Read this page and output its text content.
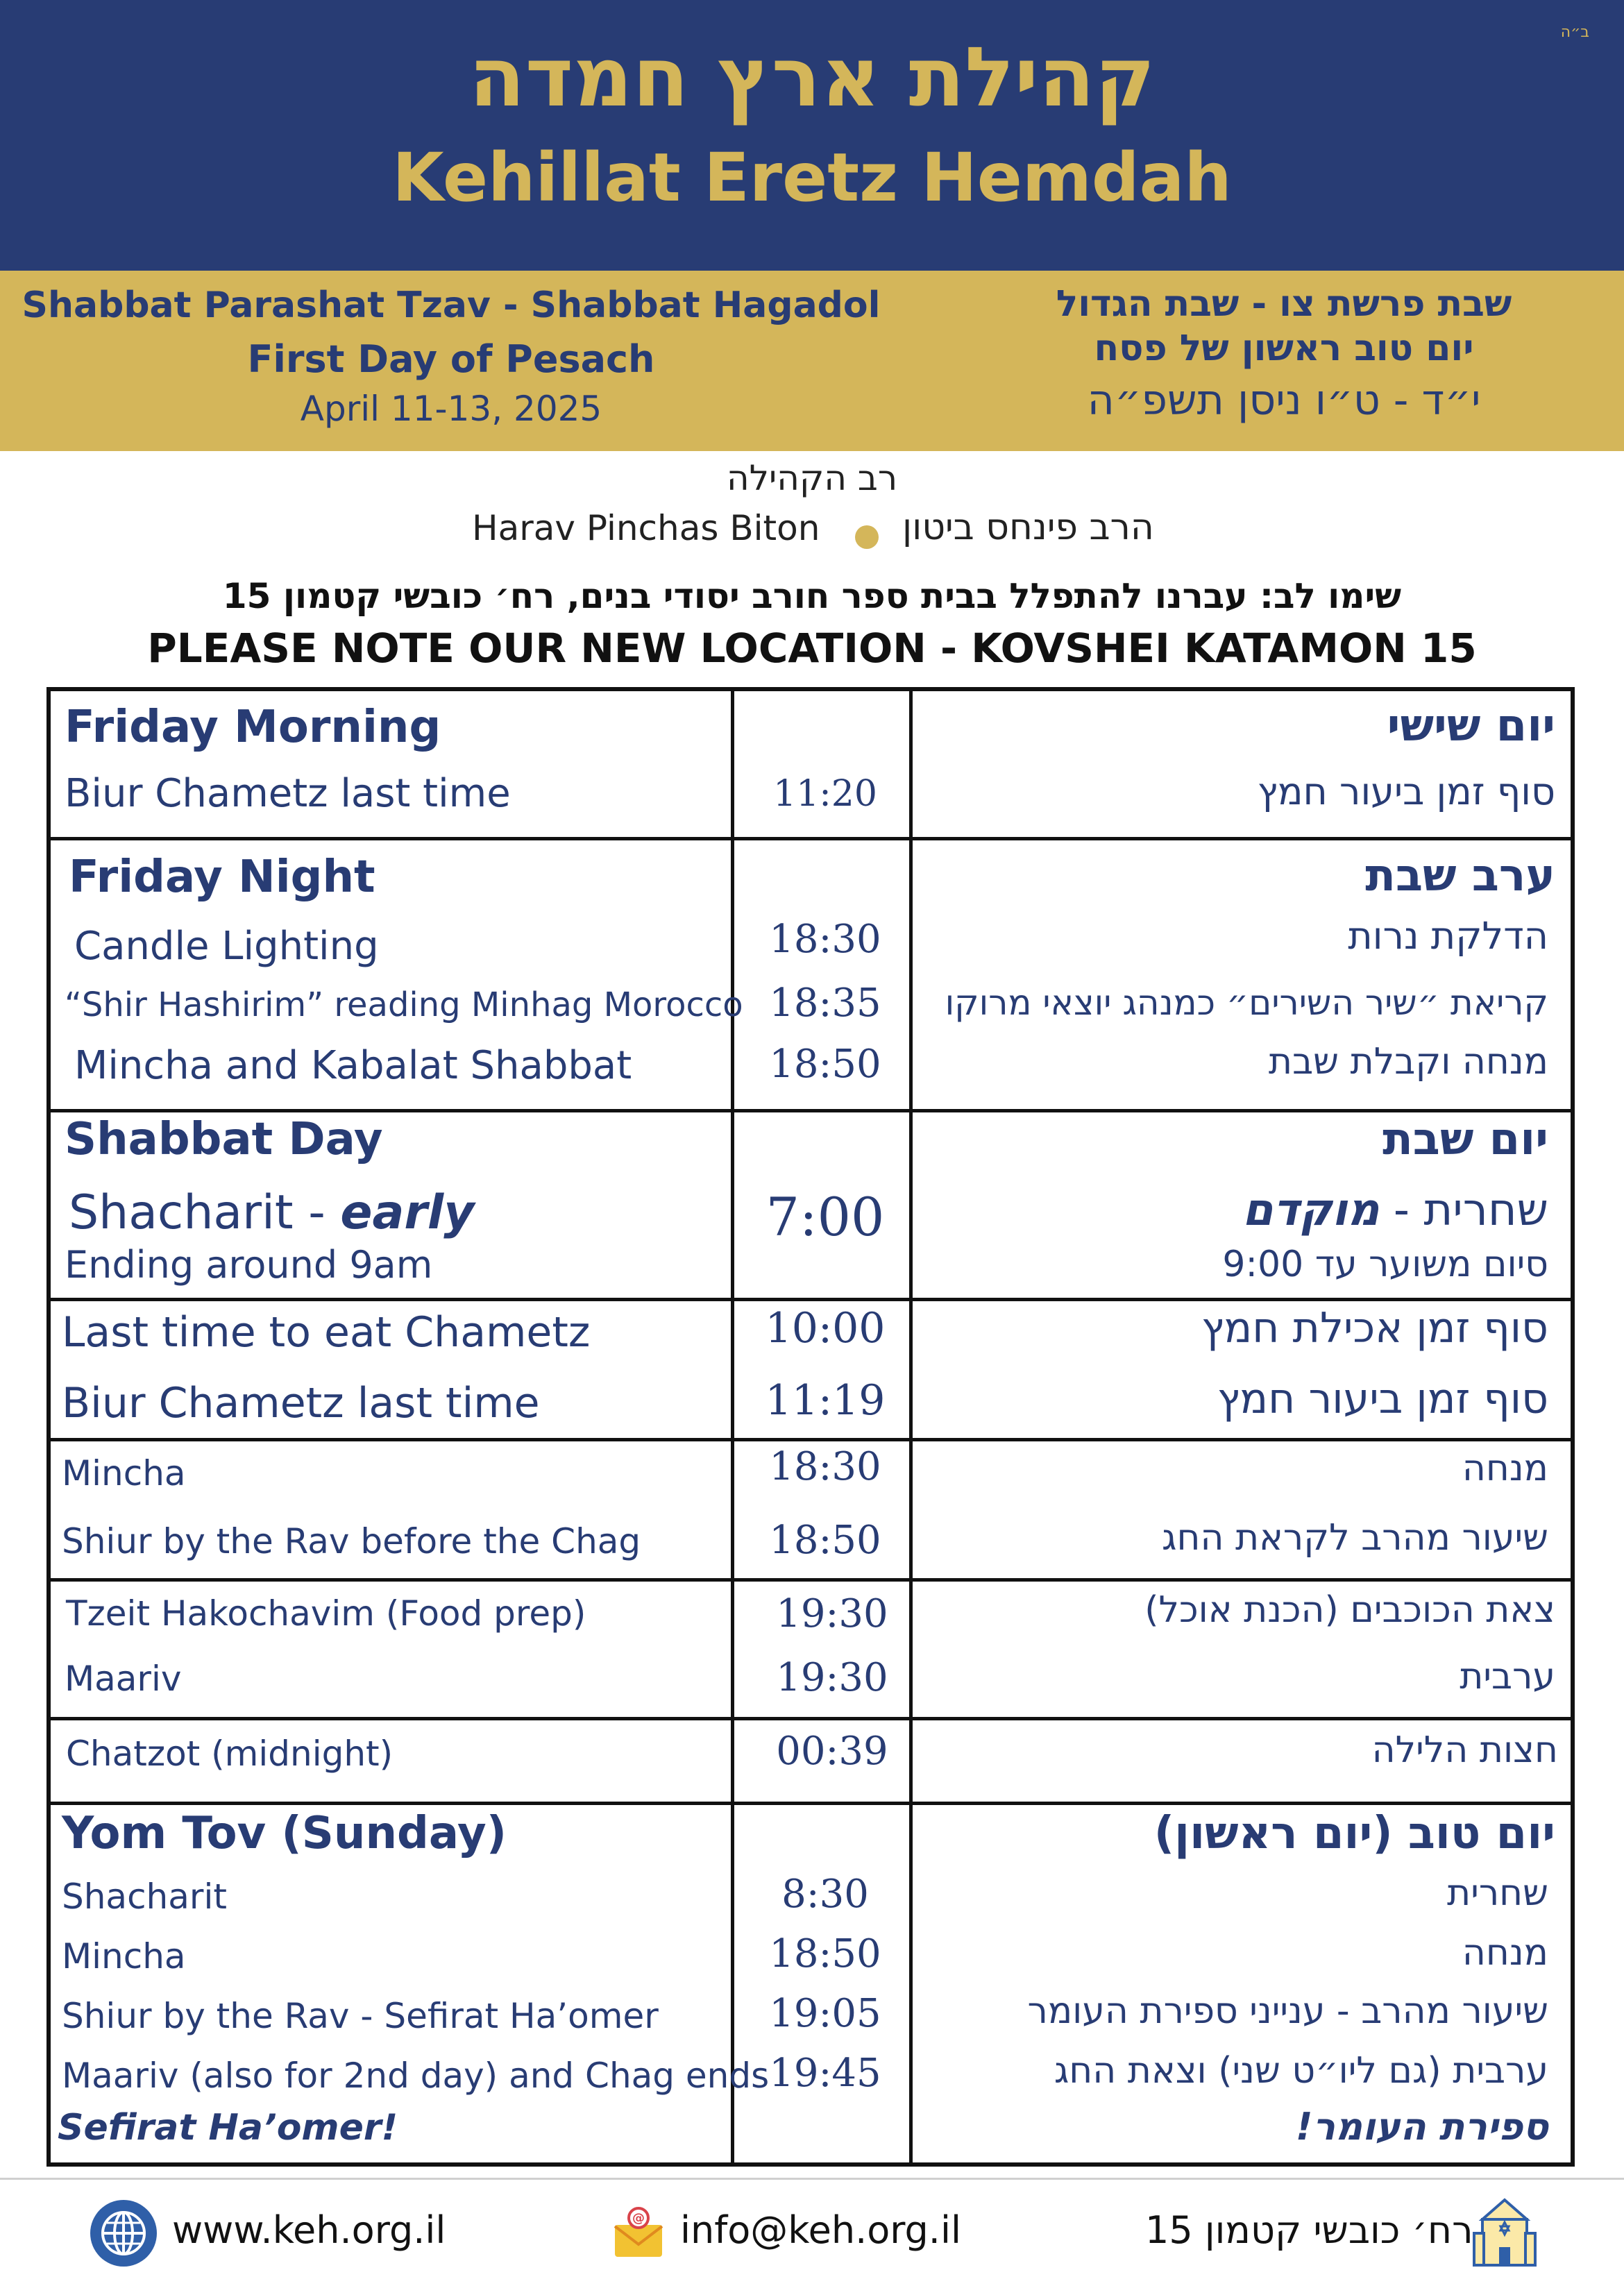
ב״ה
קהילת ארץ חמדה
Kehillat Eretz Hemdah
Shabbat Parashat Tzav - Shabbat Hagadol
First Day of Pesach
April 11-13, 2025
שבת פרשת צו - שבת הגדול
יום טוב ראשון של פסח
י״ד - ט״ו ניסן תשפ״ה
רב הקהילה
Harav Pinchas Biton הרב פינחס ביטון
שימו לב: עברנו להתפלל בבית ספר חורב יסודי בנים, רח׳ כובשי קטמון 15
PLEASE NOTE OUR NEW LOCATION - KOVSHEI KATAMON 15
Friday Morning	יום שישי
Biur Chametz last time	11:20	סוף זמן ביעור חמץ
Friday Night	ערב שבת
Candle Lighting	18:30	הדלקת נרות
“Shir Hashirim” reading Minhag Morocco 18:35	קריאת ״שיר השירים״ כמנהג יוצאי מרוקו
Mincha and Kabalat Shabbat	18:50	מנחה וקבלת שבת
Shabbat Day	יום שבת
Shacharit - early	7:00	שחרית - מוקדם
Ending around 9am	סיום משוער עד 9:00
Last time to eat Chametz	10:00	סוף זמן אכילת חמץ
Biur Chametz last time	11:19	סוף זמן ביעור חמץ
Mincha	18:30	מנחה
Shiur by the Rav before the Chag	18:50	שיעור מהרב לקראת החג
Tzeit Hakochavim (Food prep)	19:30	צאת הכוכבים (הכנת אוכל)
Maariv	19:30	ערבית
Chatzot (midnight)	00:39	חצות הלילה
Yom Tov (Sunday)	יום טוב (יום ראשון)
Shacharit	8:30	שחרית
Mincha	18:50	מנחה
Shiur by the Rav - Sefirat Ha’omer	19:05	שיעור מהרב - ענייני ספירת העומר
Maariv (also for 2nd day) and Chag ends 19:45	ערבית (גם ליו״ט שני) וצאת החג
Sefirat Ha’omer!	ספירת העומר!
www.keh.org.il	@ info@keh.org.il	רח׳ כובשי קטמון 15
